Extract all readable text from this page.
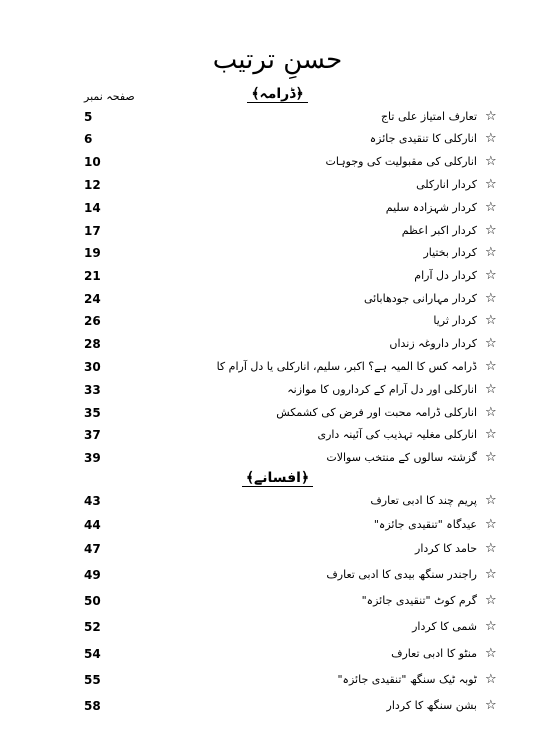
حسنِ ترتیب
صفحہ نمبر	﴾ڈرامہ﴿
☆
تعارف امتیاز علی تاج
5
☆
انارکلی کا تنقیدی جائزہ
6
☆
انارکلی کی مقبولیت کی وجوہات
10
☆
کردار انارکلی
12
☆
کردار شہزادہ سلیم
14
☆
کردار اکبر اعظم
17
☆
کردار بختیار
19
☆
کردار دل آرام
21
☆
کردار مہارانی جودھابائی
24
☆
کردار ثریا
26
☆
کردار داروغہ زنداں
28
☆
ڈرامہ کس کا المیہ ہے؟ اکبر، سلیم، انارکلی یا دل آرام کا
30
☆
انارکلی اور دل آرام کے کرداروں کا موازنہ
33
☆
انارکلی ڈرامہ محبت اور فرض کی کشمکش
35
☆
انارکلی مغلیہ تہذیب کی آئینہ داری
37
☆
گزشتہ سالوں کے منتخب سوالات
39
﴾افسانے﴿
☆
پریم چند کا ادبی تعارف
43
☆
عیدگاہ "تنقیدی جائزہ"
44
☆
حامد کا کردار
47
☆
راجندر سنگھ بیدی کا ادبی تعارف
49
☆
گرم کوٹ "تنقیدی جائزہ"
50
☆
شمی کا کردار
52
☆
منٹو کا ادبی تعارف
54
☆
ٹوبہ ٹیک سنگھ "تنقیدی جائزہ"
55
☆
بشن سنگھ کا کردار
58
